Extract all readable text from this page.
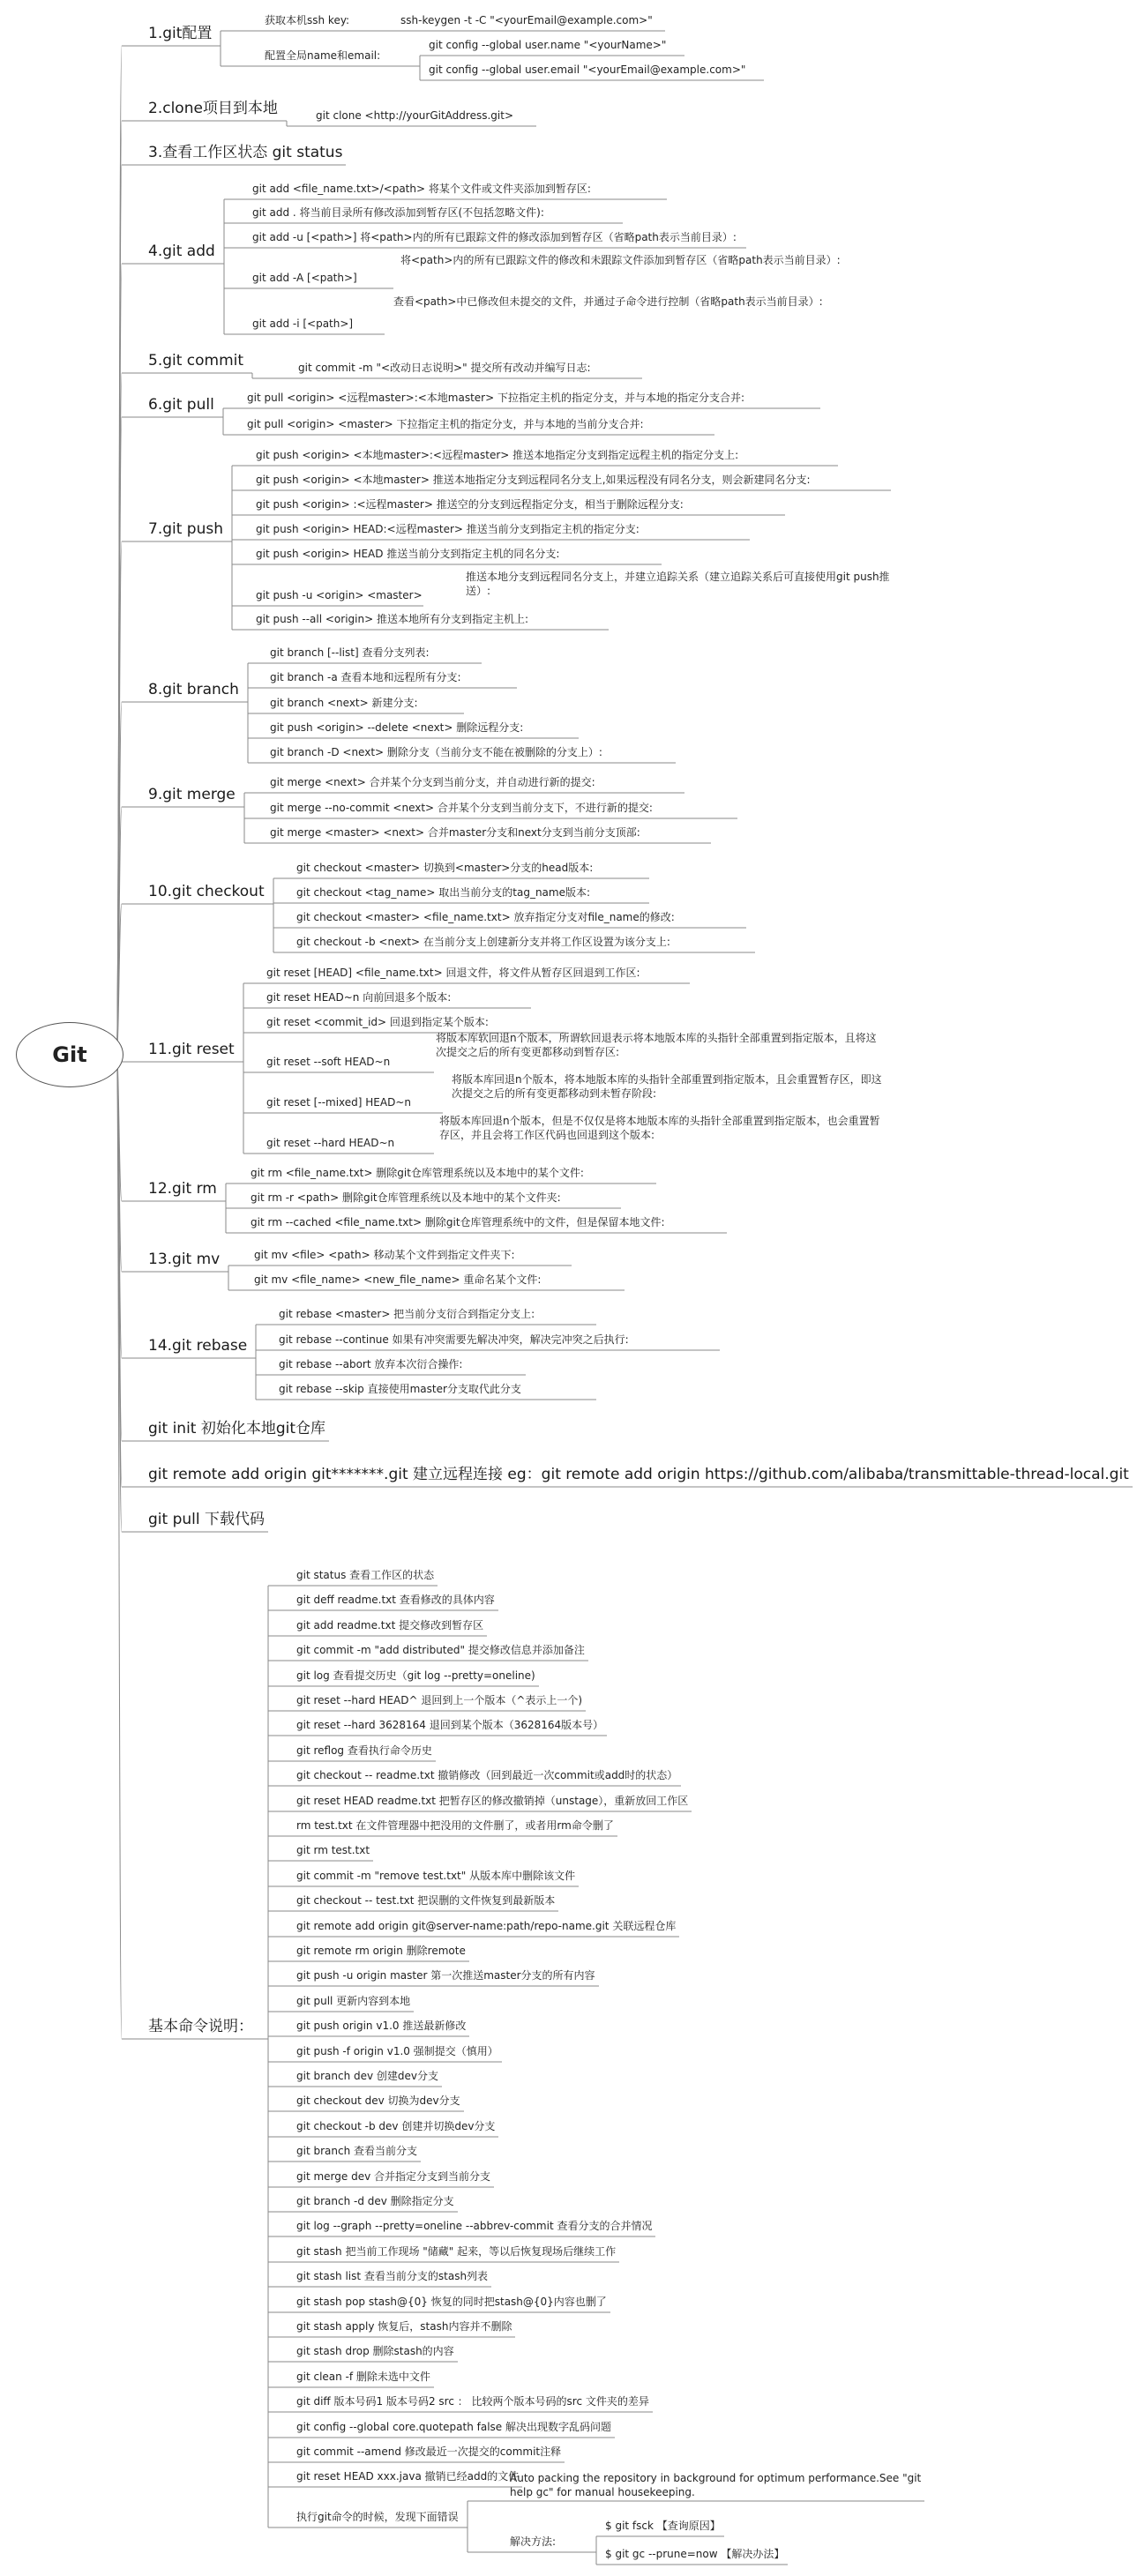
Git
1.git配置
获取本机ssh key:	ssh-keygen -t -C "<yourEmail@example.com>"
配置全局name和email:
git config --global user.name "<yourName>"
git config --global user.email "<yourEmail@example.com>"
2.clone项目到本地	git clone <http://yourGitAddress.git>
3.查看工作区状态 git status
4.git add
git add <file_name.txt>/<path> 将某个文件或文件夹添加到暂存区:
git add . 将当前目录所有修改添加到暂存区(不包括忽略文件):
git add -u [<path>] 将<path>内的所有已跟踪文件的修改添加到暂存区（省略path表示当前目录）:
git add -A [<path>]
将<path>内的所有已跟踪文件的修改和未跟踪文件添加到暂存区（省略path表示当前目录）:
git add -i [<path>]
查看<path>中已修改但未提交的文件，并通过子命令进行控制（省略path表示当前目录）:
5.git commit	git commit -m "<改动日志说明>" 提交所有改动并编写日志:
6.git pull	git pull <origin> <远程master>:<本地master> 下拉指定主机的指定分支，并与本地的指定分支合并:
git pull <origin> <master> 下拉指定主机的指定分支，并与本地的当前分支合并:
7.git push
git push <origin> <本地master>:<远程master> 推送本地指定分支到指定远程主机的指定分支上:
git push <origin> <本地master> 推送本地指定分支到远程同名分支上,如果远程没有同名分支，则会新建同名分支:
git push <origin> :<远程master> 推送空的分支到远程指定分支，相当于删除远程分支:
git push <origin> HEAD:<远程master> 推送当前分支到指定主机的指定分支:
git push <origin> HEAD 推送当前分支到指定主机的同名分支:
git push -u <origin> <master>
推送本地分支到远程同名分支上，并建立追踪关系（建立追踪关系后可直接使用git push推送）:
git push --all <origin> 推送本地所有分支到指定主机上:
8.git branch
git branch [--list] 查看分支列表:
git branch -a 查看本地和远程所有分支:
git branch <next> 新建分支:
git push <origin> --delete <next> 删除远程分支:
git branch -D <next> 删除分支（当前分支不能在被删除的分支上）:
9.git merge
git merge <next> 合并某个分支到当前分支，并自动进行新的提交:
git merge --no-commit <next> 合并某个分支到当前分支下，不进行新的提交:
git merge <master> <next> 合并master分支和next分支到当前分支顶部:
10.git checkout
git checkout <master> 切换到<master>分支的head版本:
git checkout <tag_name> 取出当前分支的tag_name版本:
git checkout <master> <file_name.txt> 放弃指定分支对file_name的修改:
git checkout -b <next> 在当前分支上创建新分支并将工作区设置为该分支上:
11.git reset
git reset [HEAD] <file_name.txt> 回退文件，将文件从暂存区回退到工作区:
git reset HEAD~n 向前回退多个版本:
git reset <commit_id> 回退到指定某个版本:
git reset --soft HEAD~n
将版本库软回退n个版本，所谓软回退表示将本地版本库的头指针全部重置到指定版本，且将这次提交之后的所有变更都移动到暂存区:
git reset [--mixed] HEAD~n
将版本库回退n个版本，将本地版本库的头指针全部重置到指定版本，且会重置暂存区，即这次提交之后的所有变更都移动到未暂存阶段:
git reset --hard HEAD~n
将版本库回退n个版本，但是不仅仅是将本地版本库的头指针全部重置到指定版本，也会重置暂存区，并且会将工作区代码也回退到这个版本:
12.git rm
git rm <file_name.txt> 删除git仓库管理系统以及本地中的某个文件:
git rm -r <path> 删除git仓库管理系统以及本地中的某个文件夹:
git rm --cached <file_name.txt> 删除git仓库管理系统中的文件，但是保留本地文件:
13.git mv	git mv <file> <path> 移动某个文件到指定文件夹下:
git mv <file_name> <new_file_name> 重命名某个文件:
14.git rebase
git rebase <master> 把当前分支衍合到指定分支上:
git rebase --continue 如果有冲突需要先解决冲突，解决完冲突之后执行:
git rebase --abort 放弃本次衍合操作:
git rebase --skip 直接使用master分支取代此分支
git init 初始化本地git仓库
git remote add origin git*******.git 建立远程连接 eg：git remote add origin https://github.com/alibaba/transmittable-thread-local.git
git pull 下载代码
基本命令说明：
git status 查看工作区的状态
git deff readme.txt 查看修改的具体内容
git add readme.txt 提交修改到暂存区
git commit -m "add distributed" 提交修改信息并添加备注
git log 查看提交历史（git log --pretty=oneline)
git reset --hard HEAD^ 退回到上一个版本（^表示上一个)
git reset --hard 3628164 退回到某个版本（3628164版本号）
git reflog 查看执行命令历史
git checkout -- readme.txt 撤销修改（回到最近一次commit或add时的状态）
git reset HEAD readme.txt 把暂存区的修改撤销掉（unstage），重新放回工作区
rm test.txt 在文件管理器中把没用的文件删了，或者用rm命令删了
git rm test.txt
git commit -m "remove test.txt" 从版本库中删除该文件
git checkout -- test.txt 把误删的文件恢复到最新版本
git remote add origin git@server-name:path/repo-name.git 关联远程仓库
git remote rm origin 删除remote
git push -u origin master 第一次推送master分支的所有内容
git pull 更新内容到本地
git push origin v1.0 推送最新修改
git push -f origin v1.0 强制提交（慎用）
git branch dev 创建dev分支
git checkout dev 切换为dev分支
git checkout -b dev 创建并切换dev分支
git branch 查看当前分支
git merge dev 合并指定分支到当前分支
git branch -d dev 删除指定分支
git log --graph --pretty=oneline --abbrev-commit 查看分支的合并情况
git stash 把当前工作现场 "储藏" 起来，等以后恢复现场后继续工作
git stash list 查看当前分支的stash列表
git stash pop stash@{0} 恢复的同时把stash@{0}内容也删了
git stash apply 恢复后，stash内容并不删除
git stash drop 删除stash的内容
git clean -f 删除未选中文件
git diff 版本号码1 版本号码2 src ： 比较两个版本号码的src 文件夹的差异
git config --global core.quotepath false 解决出现数字乱码问题
git commit --amend 修改最近一次提交的commit注释
git reset HEAD xxx.java 撤销已经add的文件
执行git命令的时候，发现下面错误
Auto packing the repository in background for optimum performance.See "git help gc" for manual housekeeping.
解决方法:
$ git fsck 【查询原因】
$ git gc --prune=now 【解决办法】
